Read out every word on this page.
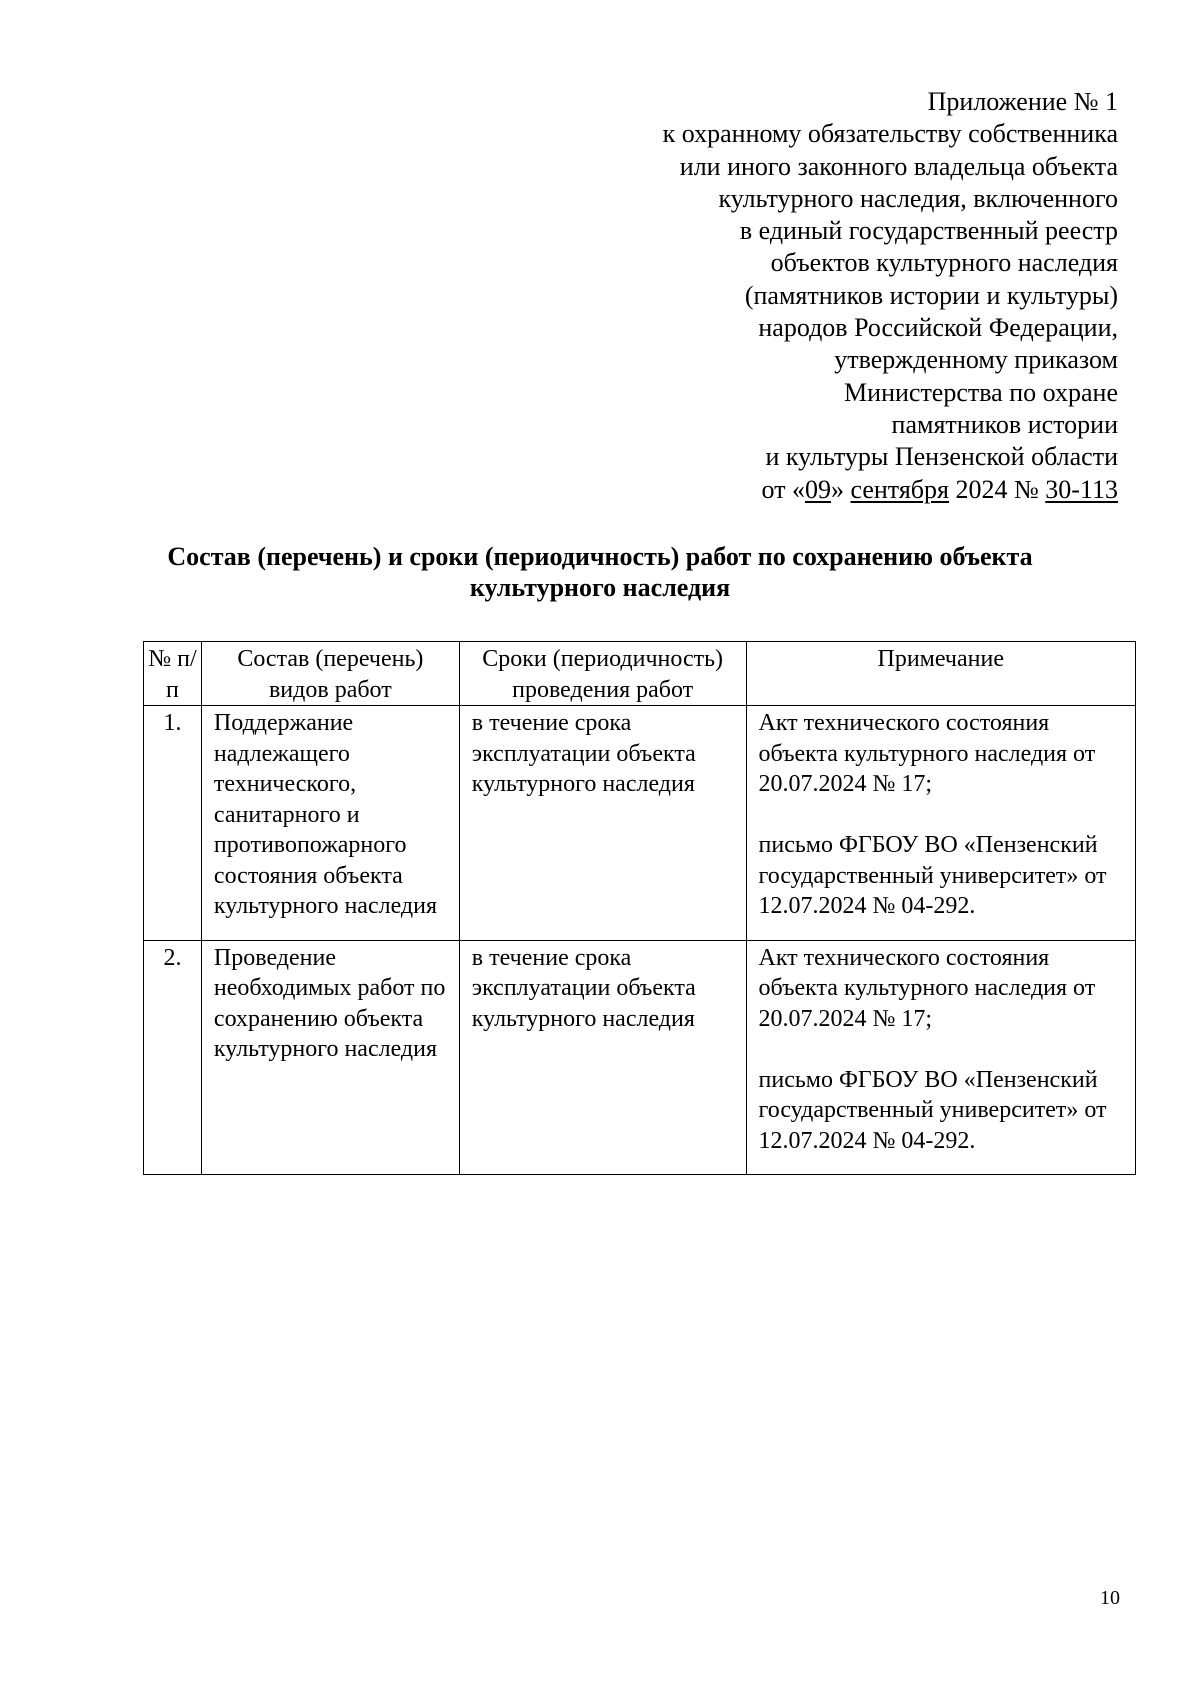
Приложение № 1
к охранному обязательству собственника
или иного законного владельца объекта
культурного наследия, включенного
в единый государственный реестр
объектов культурного наследия
(памятников истории и культуры)
народов Российской Федерации,
утвержденному приказом
Министерства по охране
памятников истории
и культуры Пензенской области
от «09» сентября 2024 № 30-113
Состав (перечень) и сроки (периодичность) работ по сохранению объекта
культурного наследия
№ п/п	Состав (перечень) видов работ	Сроки (периодичность) проведения работ	Примечание
1.	Поддержание надлежащего технического, санитарного и противопожарного состояния объекта культурного наследия	в течение срока эксплуатации объекта культурного наследия	Акт технического состояния объекта культурного наследия от 20.07.2024 № 17;
письмо ФГБОУ ВО «Пензенский государственный университет» от 12.07.2024 № 04-292.

2.	Проведение необходимых работ по сохранению объекта культурного наследия	в течение срока эксплуатации объекта культурного наследия	Акт технического состояния объекта культурного наследия от 20.07.2024 № 17;
письмо ФГБОУ ВО «Пензенский государственный университет» от 12.07.2024 № 04-292.
10
